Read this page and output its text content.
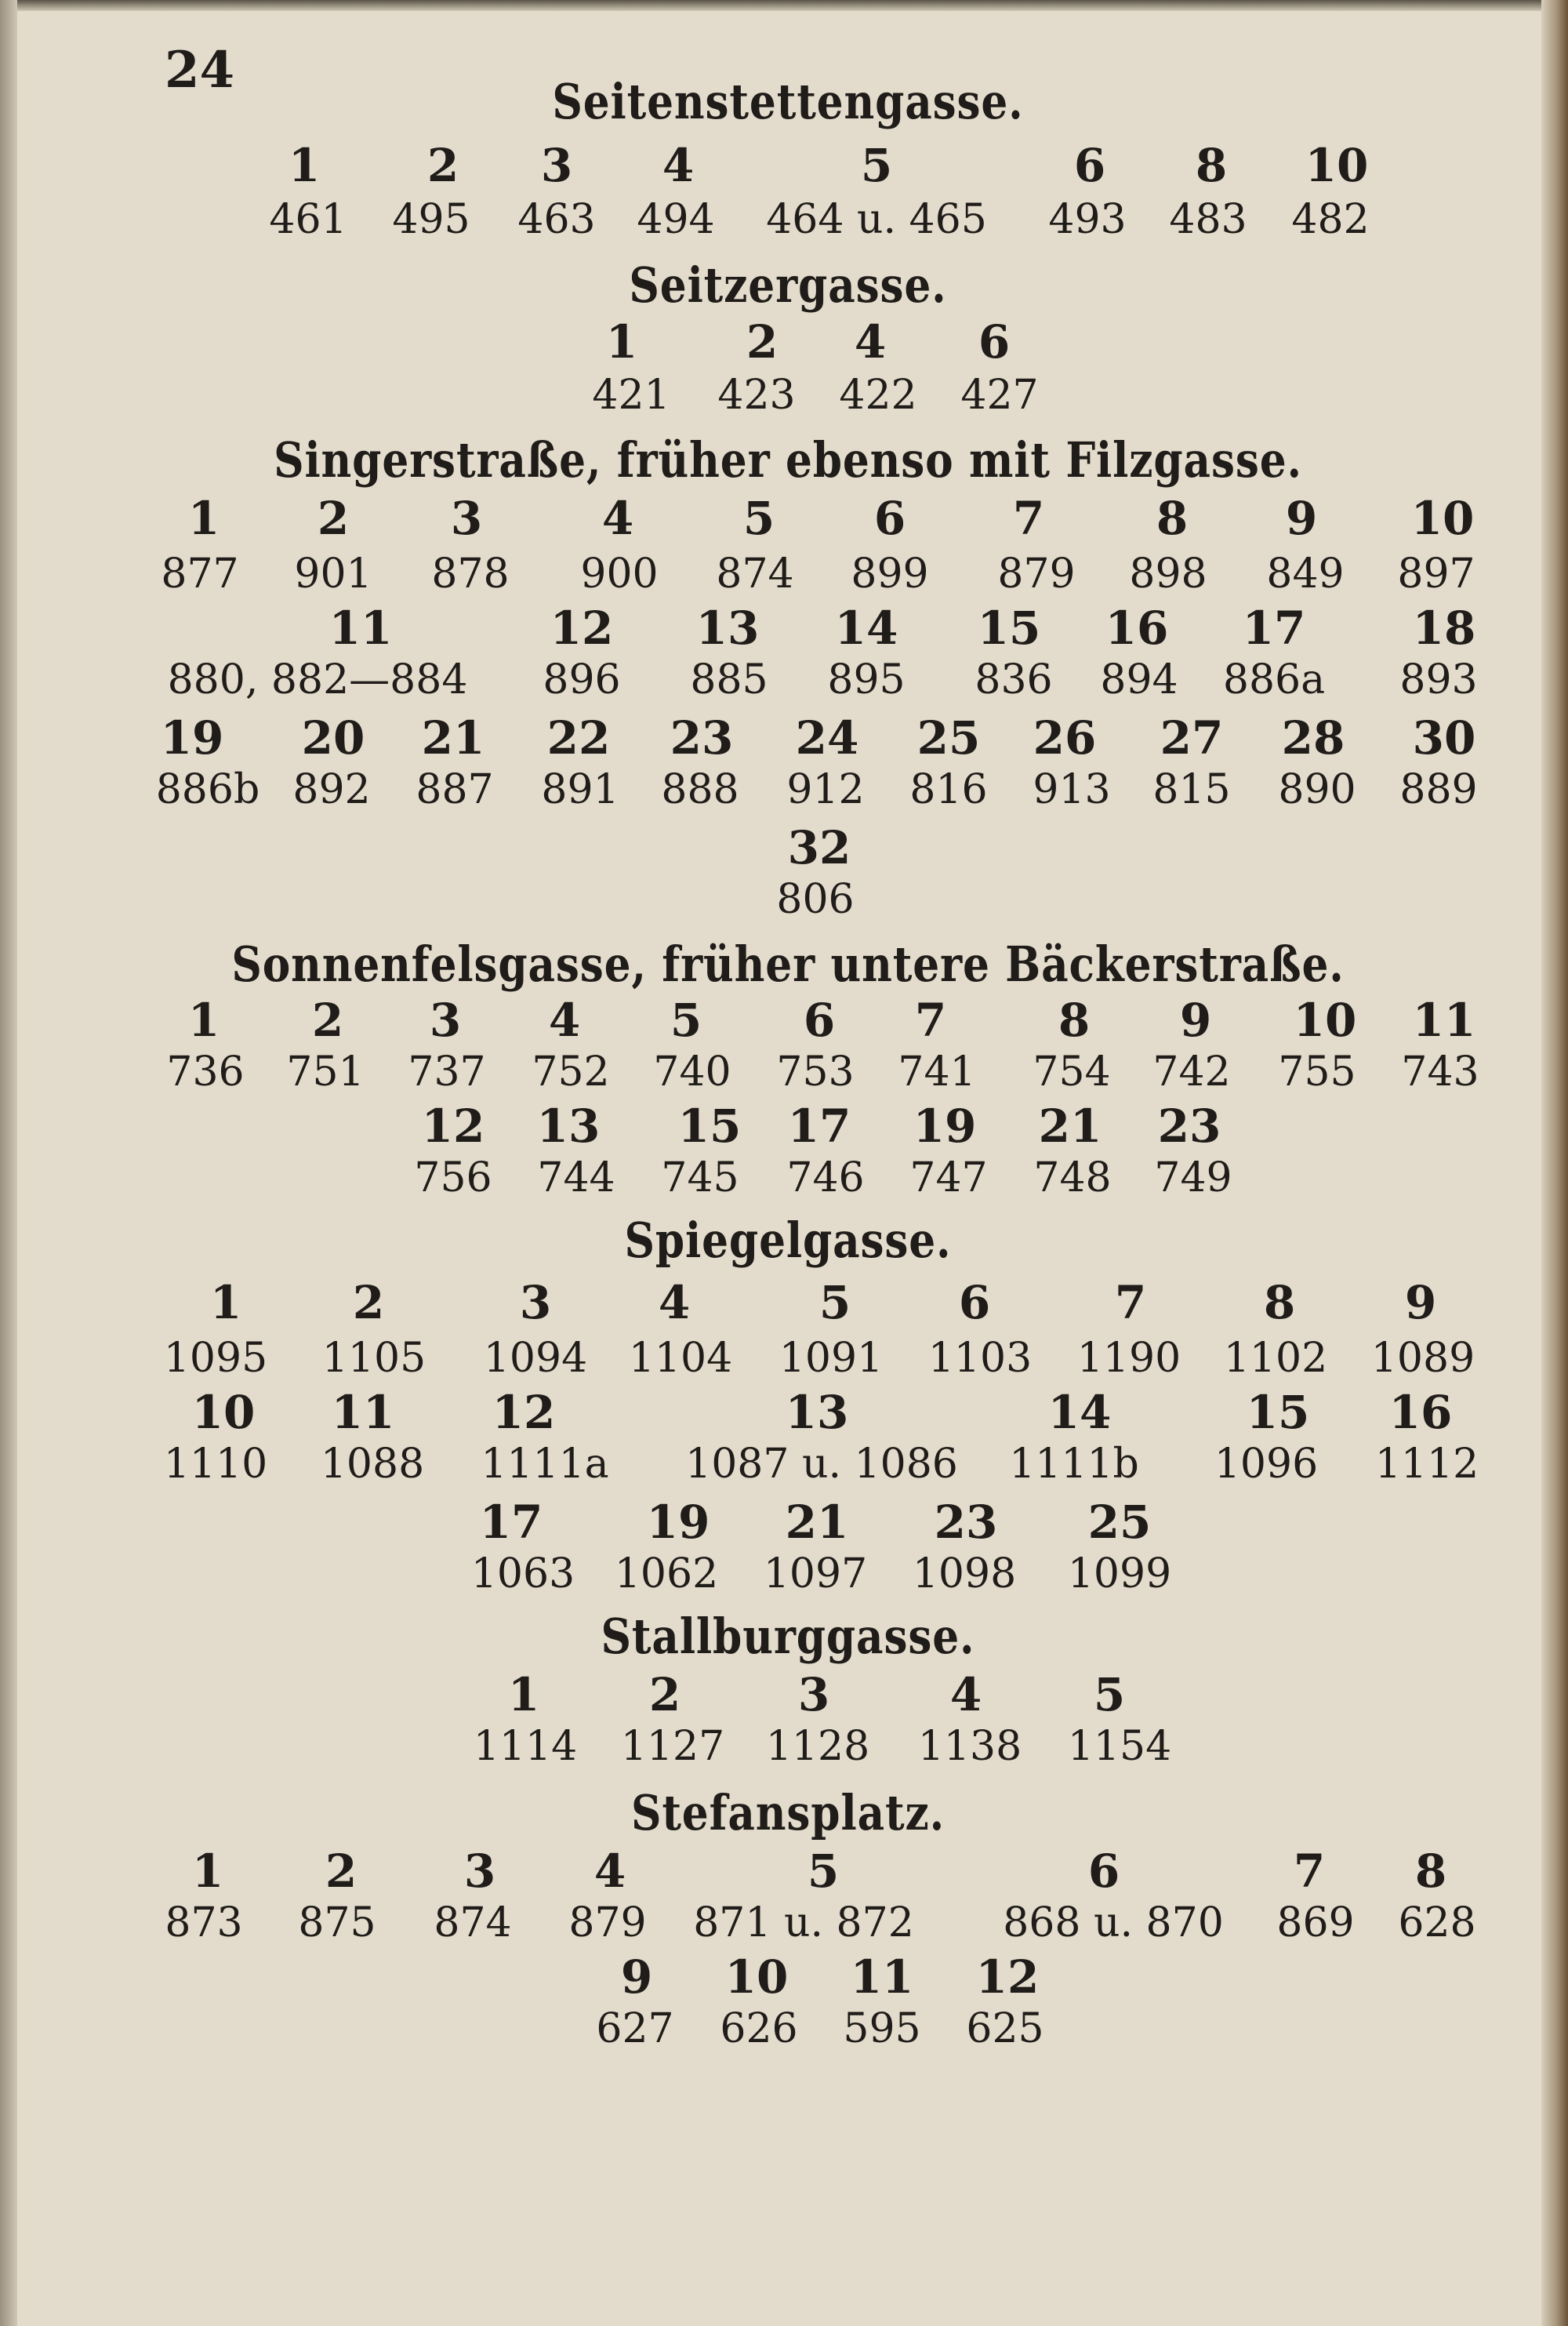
24
Seitenstettengasse.
1 2 3 4	5	6 8 10
461 495 463 494 464 u. 465 493 483 482
Seitzergasse.
1 2 4 6
421 423 422 427
Singerstraße, früher ebenso mit Filzgasse.
1 2 3	4 5 6 7 8 9 10
877 901 878 900 874 899 879 898 849 897
11	12 13 14 15 16 17 18
880, 882—884 896 885 895 836 894 886a 893
19 20 21 22 23 24 25 26 27 28 30
886b 892 887 891 888 912 816 913 815 890 889
32
806
Sonnenfelsgasse, früher untere Bäckerstraße.
1 2 3 4 5 6 7 8 9 10 11
736 751 737 752 740 753 741 754 742 755 743
12 13 15 17 19 21 23
756 744 745 746 747 748 749
Spiegelgasse.
1 2	3 4	5 6	7	8 9
1095 1105 1094 1104 1091 1103 1190 1102 1089
10 11 12	13	14	15 16
1110 1088 1111a 1087 u. 1086 1111b 1096 1112
17 19 21 23 25
1063 1062 1097 1098 1099
Stallburggasse.
1 2	3	4 5
1114 1127 1128 1138 1154
Stefansplatz.
1 2 3 4	5	6	7 8
873 875 874 879 871 u. 872 868 u. 870 869 628
9 10 11 12
627 626 595 625
